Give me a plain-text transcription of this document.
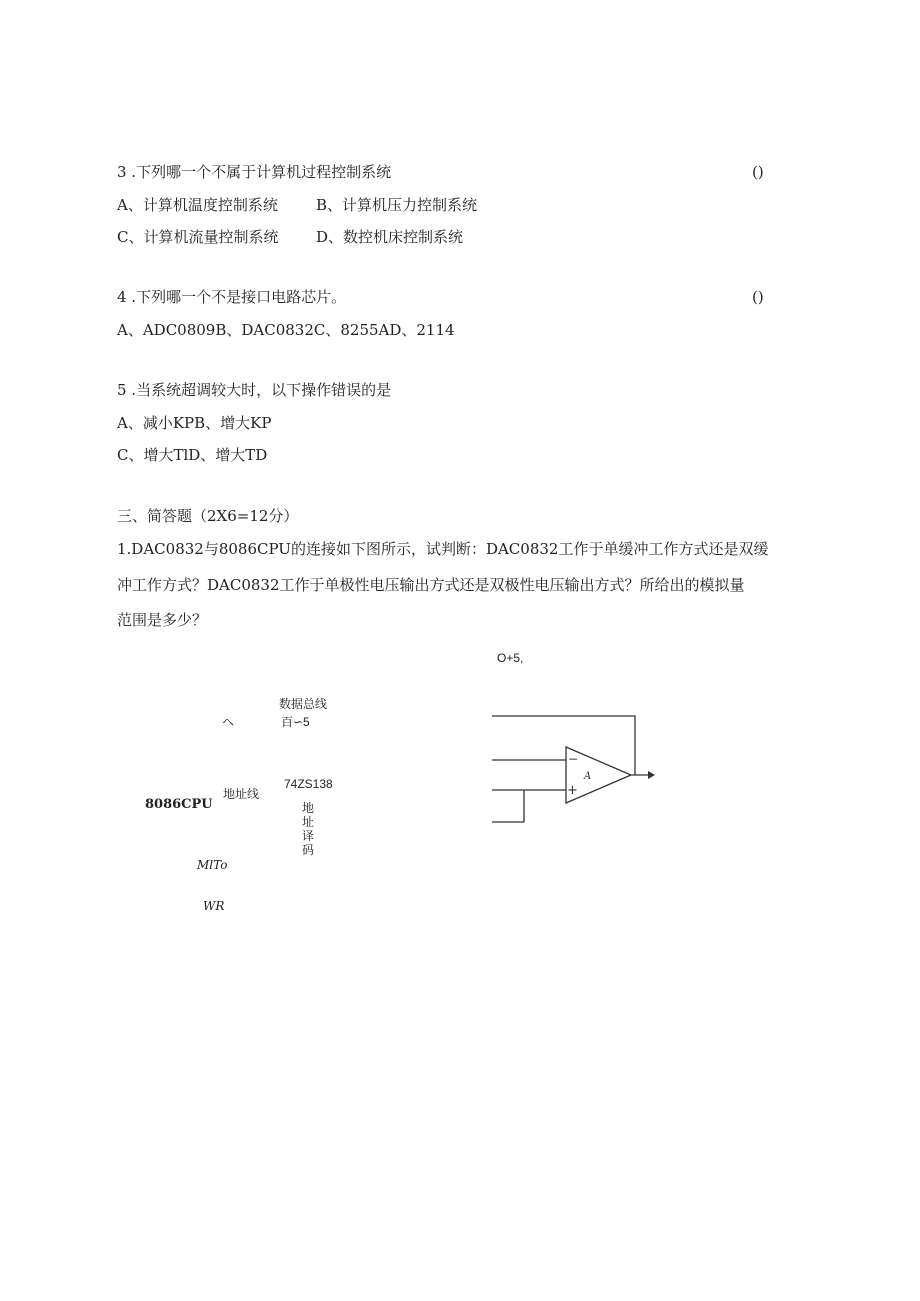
3 .下列哪一个不属于计算机过程控制系统	()
A、计算机温度控制系统	B、计算机压力控制系统
C、计算机流量控制系统	D、数控机床控制系统
4 .下列哪一个不是接口电路芯片。	()
A、ADC0809B、DAC0832C、8255AD、2114
5 .当系统超调较大时，以下操作错误的是
A、减小KPB、增大KP
C、增大TlD、增大TD
三、简答题（2X6=12分）
1.DAC0832与8086CPU的连接如下图所示，试判断：DAC0832工作于单缓冲工作方式还是双缓
冲工作方式？DAC0832工作于单极性电压输出方式还是双极性电压输出方式？所给出的模拟量
范围是多少？
O+5,
数据总线
百∽5
ヘ
74ZS138
地址线
8086CPU	地
址
译
码
MlTo
WR
A
−
+
